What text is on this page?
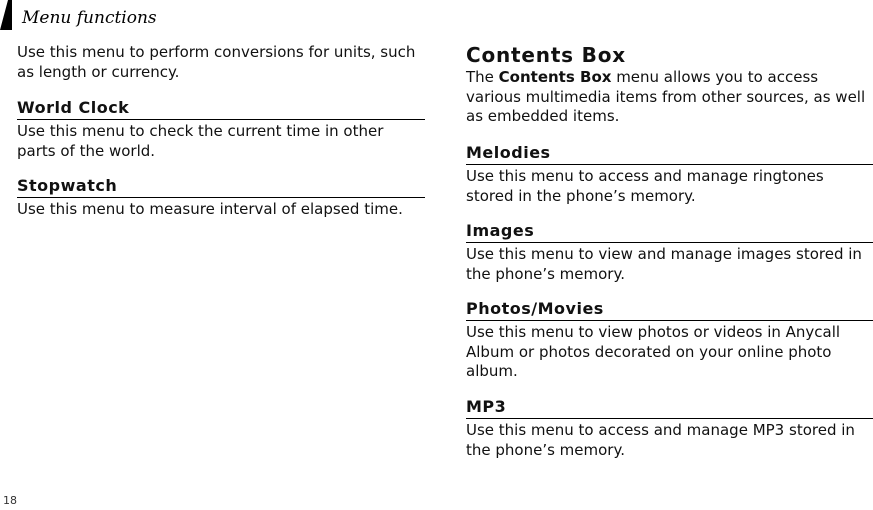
Menu functions

Use this menu to perform conversions for units, such as length or currency.

World Clock

Use this menu to check the current time in other parts of the world.

Stopwatch

Use this menu to measure interval of elapsed time.

Contents Box

The Contents Box menu allows you to access various multimedia items from other sources, as well as embedded items.

Melodies

Use this menu to access and manage ringtones stored in the phone’s memory.

Images

Use this menu to view and manage images stored in the phone’s memory.

Photos/Movies

Use this menu to view photos or videos in Anycall Album or photos decorated on your online photo album.

MP3

Use this menu to access and manage MP3 stored in the phone’s memory.

18
